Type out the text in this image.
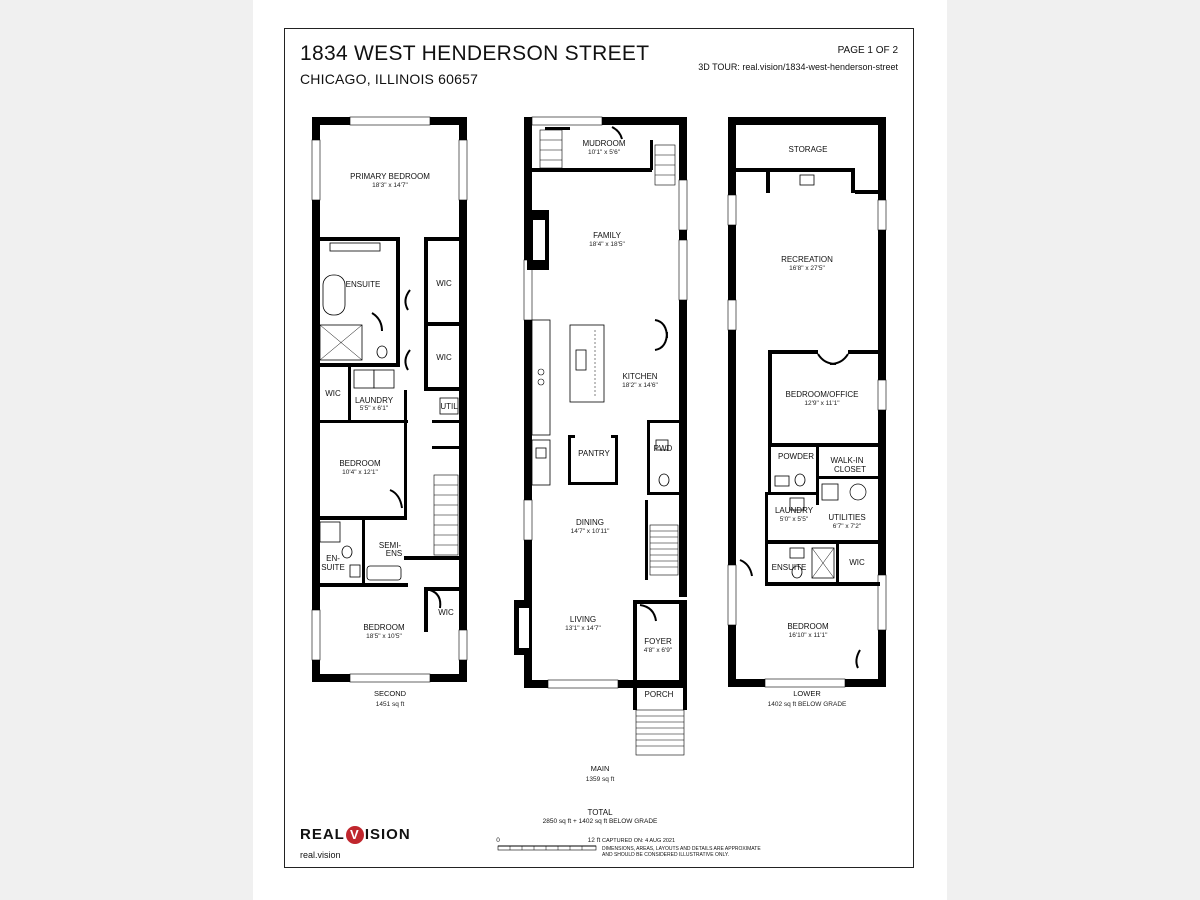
1834 WEST HENDERSON STREET
CHICAGO, ILLINOIS 60657
PAGE 1 OF 2
3D TOUR: real.vision/1834-west-henderson-street
PRIMARY BEDROOM
18'3" x 14'7"
ENSUITE	WIC
WIC
WIC
LAUNDRY
5'5" x 6'1"	UTIL
BEDROOM
10'4" x 12'1"
SEMI-
ENS
EN-
SUITE
BEDROOM
18'5" x 10'5"
WIC
SECOND
1451 sq ft
MUDROOM
10'1" x 5'6"
FAMILY
18'4" x 18'5"
KITCHEN
18'2" x 14'6"
PANTRY
PWD
DINING
14'7" x 10'11"
LIVING
13'1" x 14'7"
FOYER
4'8" x 6'9"
PORCH
MAIN
1359 sq ft
STORAGE
RECREATION
16'8" x 27'5"
BEDROOM/OFFICE
12'9" x 11'1"
POWDER WALK-IN
CLOSET
LAUNDRY
5'0" x 5'5"	UTILITIES
6'7" x 7'2"
ENSUITE
WIC
BEDROOM
16'10" x 11'1"
LOWER
1402 sq ft BELOW GRADE
0	12 ft
TOTAL
2850 sq ft + 1402 sq ft BELOW GRADE
REAL V ISION
real.vision
CAPTURED ON: 4 AUG 2021
DIMENSIONS, AREAS, LAYOUTS AND DETAILS ARE APPROXIMATE AND SHOULD BE CONSIDERED ILLUSTRATIVE ONLY.
